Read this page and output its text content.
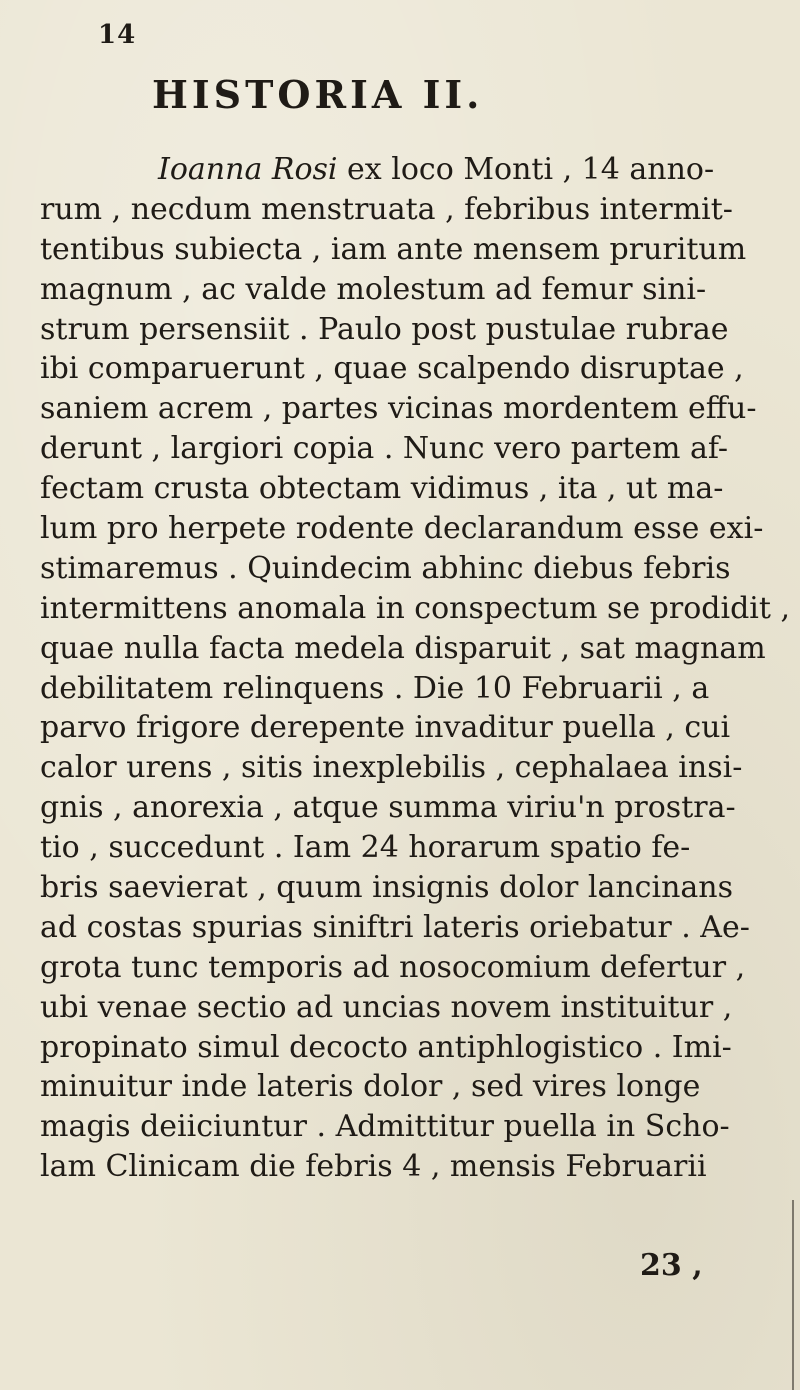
14
HISTORIA II.
Ioanna Rosi ex loco Monti , 14 anno-
rum , necdum menstruata , febribus intermit-
tentibus subiecta , iam ante mensem pruritum
magnum , ac valde molestum ad femur sini-
strum persensiit . Paulo post pustulae rubrae
ibi comparuerunt , quae scalpendo disruptae ,
saniem acrem , partes vicinas mordentem effu-
derunt , largiori copia . Nunc vero partem af-
fectam crusta obtectam vidimus , ita , ut ma-
lum pro herpete rodente declarandum esse exi-
stimaremus . Quindecim abhinc diebus febris
intermittens anomala in conspectum se prodidit ,
quae nulla facta medela disparuit , sat magnam
debilitatem relinquens . Die 10 Februarii , a
parvo frigore derepente invaditur puella , cui
calor urens , sitis inexplebilis , cephalaea insi-
gnis , anorexia , atque summa viriu'n prostra-
tio , succedunt . Iam 24 horarum spatio fe-
bris saevierat , quum insignis dolor lancinans
ad costas spurias siniftri lateris oriebatur . Ae-
grota tunc temporis ad nosocomium defertur ,
ubi venae sectio ad uncias novem instituitur ,
propinato simul decocto antiphlogistico . Imi-
minuitur inde lateris dolor , sed vires longe
magis deiiciuntur . Admittitur puella in Scho-
lam Clinicam die febris 4 , mensis Februarii
23 ,
